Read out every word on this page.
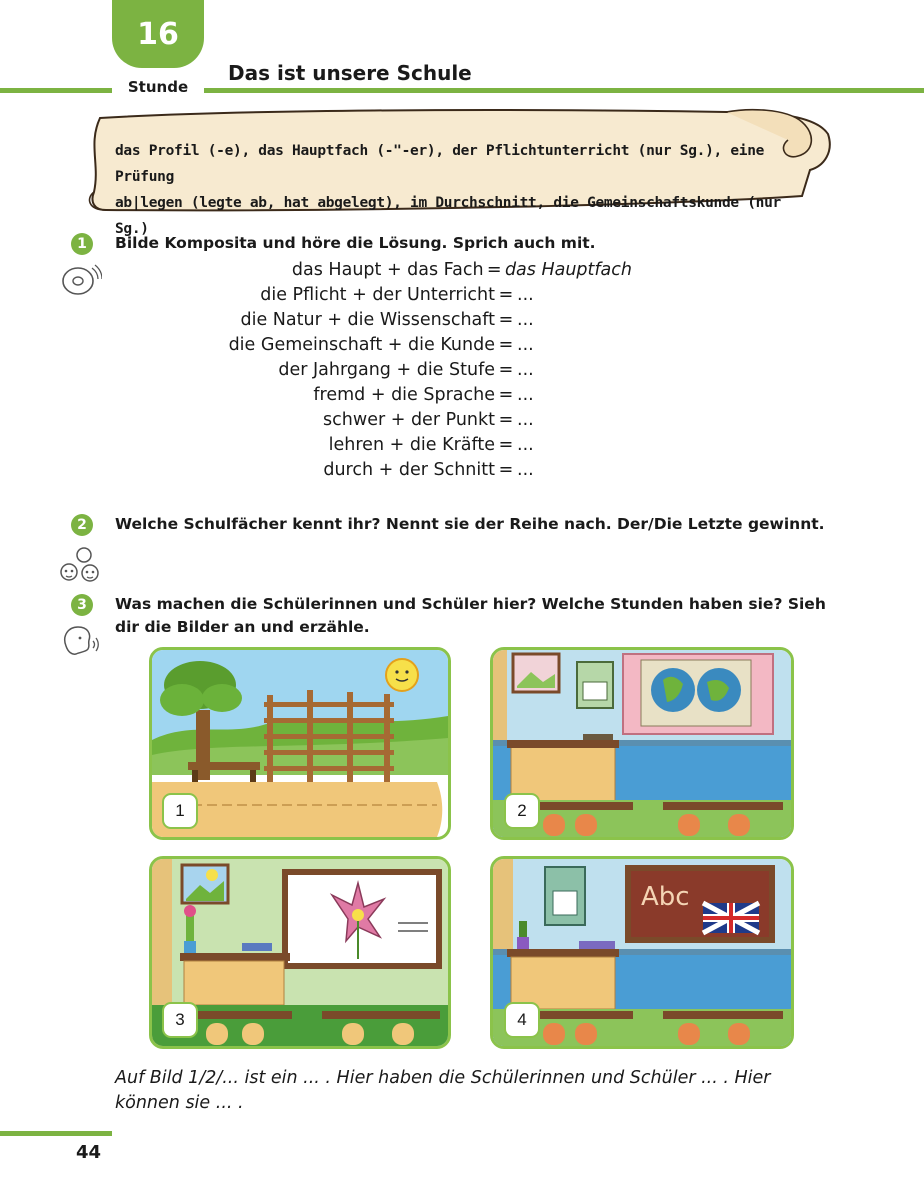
16
Stunde
Das ist unsere Schule
das Profil (-e), das Hauptfach (-"-er), der Pflichtunterricht (nur Sg.), eine Prüfung
ab|legen (legte ab, hat abgelegt), im Durchschnitt, die Gemeinschaftskunde (nur Sg.)
1	Bilde Komposita und höre die Lösung. Sprich auch mit.
das Haupt + das Fach = das Hauptfach
die Pflicht + der Unterricht = ...
die Natur + die Wissenschaft = ...
die Gemeinschaft + die Kunde = ...
der Jahrgang + die Stufe = ...
fremd + die Sprache = ...
schwer + der Punkt = ...
lehren + die Kräfte = ...
durch + der Schnitt = ...
2	Welche Schulfächer kennt ihr? Nennt sie der Reihe nach. Der/Die Letzte gewinnt.
3	Was machen die Schülerinnen und Schüler hier? Welche Stunden haben sie? Sieh
dir die Bilder an und erzähle.
1	2
3
Abc
4
Auf Bild 1/2/... ist ein ... . Hier haben die Schülerinnen und Schüler ... . Hier
können sie ... .
44
